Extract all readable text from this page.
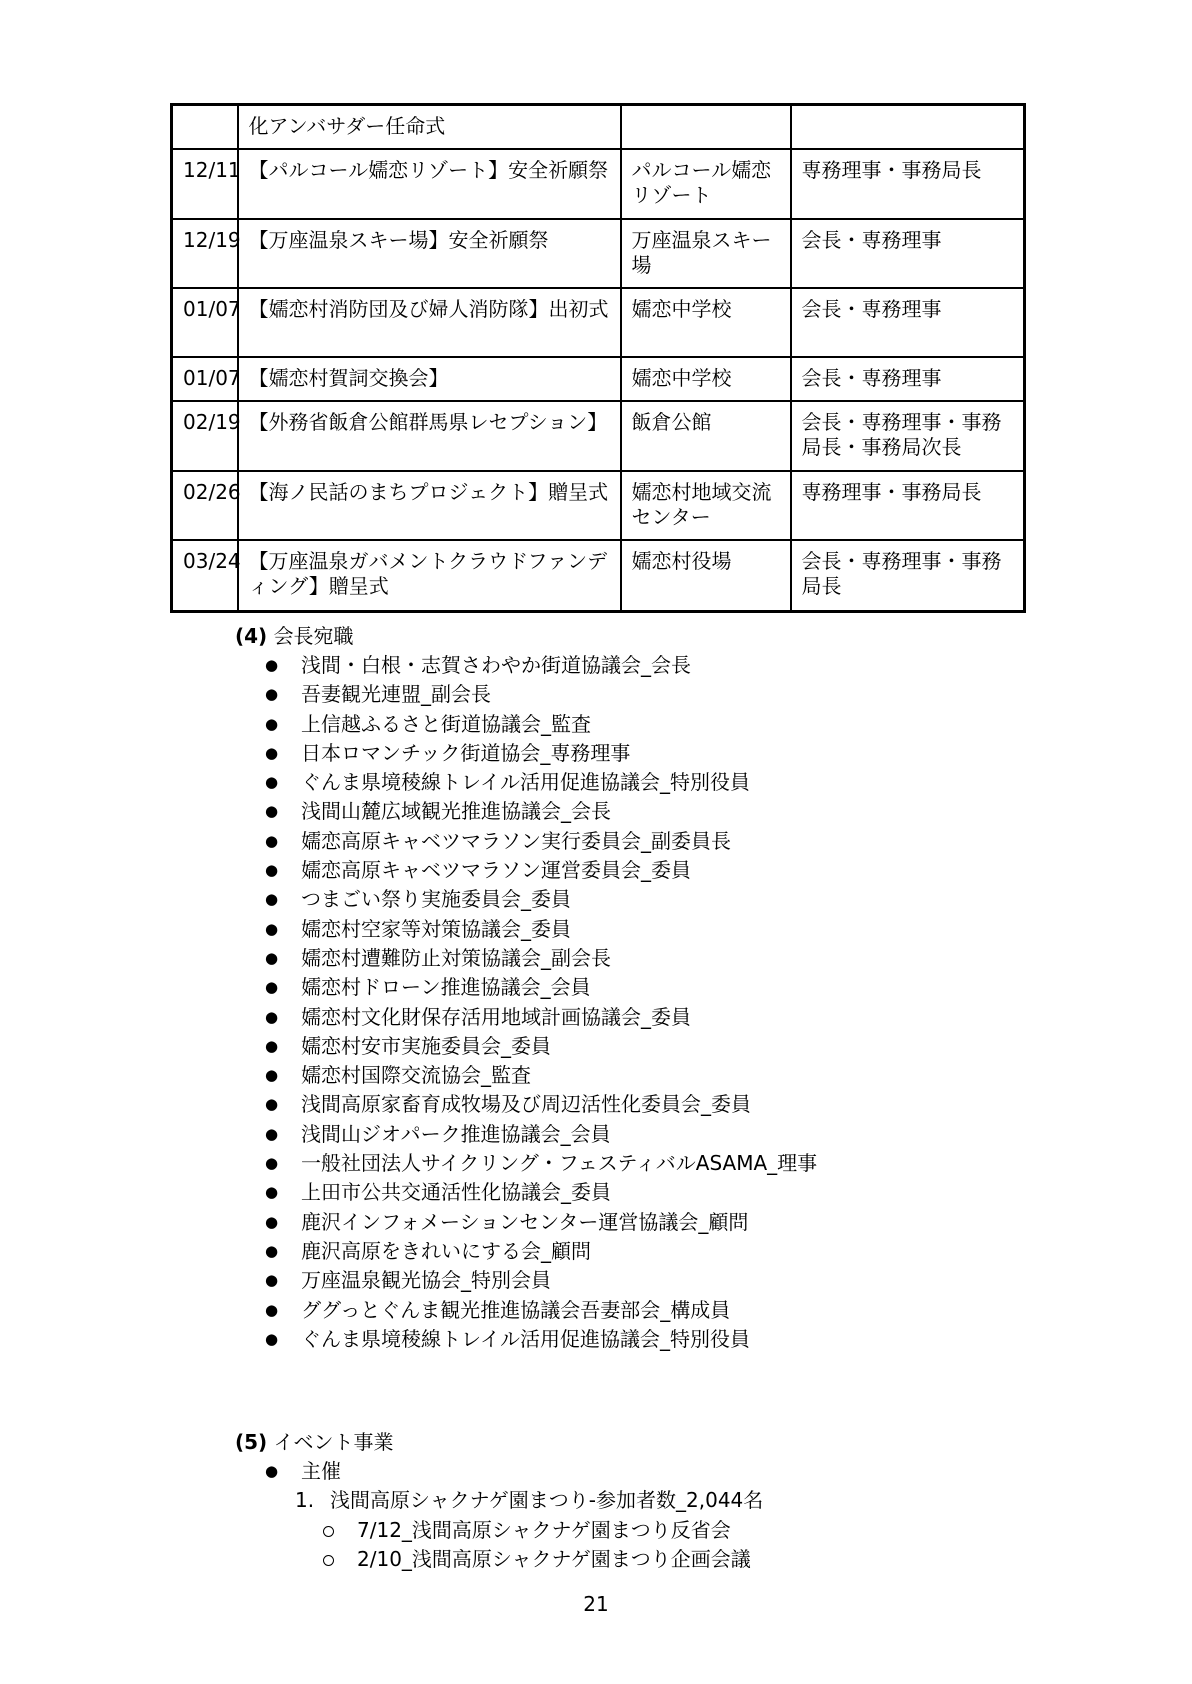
	化アンバサダー任命式		
12/11	【パルコール嬬恋リゾート】安全祈願祭	パルコール嬬恋リゾート	専務理事・事務局長
12/19	【万座温泉スキー場】安全祈願祭	万座温泉スキー場	会長・専務理事
01/07	【嬬恋村消防団及び婦人消防隊】出初式	嬬恋中学校	会長・専務理事
01/07	【嬬恋村賀詞交換会】	嬬恋中学校	会長・専務理事
02/19	【外務省飯倉公館群馬県レセプション】	飯倉公館	会長・専務理事・事務局長・事務局次長
02/26	【海ノ民話のまちプロジェクト】贈呈式	嬬恋村地域交流センター	専務理事・事務局長
03/24	【万座温泉ガバメントクラウドファンディング】贈呈式	嬬恋村役場	会長・専務理事・事務局長
(4) 会長宛職
● 浅間・白根・志賀さわやか街道協議会_会長
● 吾妻観光連盟_副会長
● 上信越ふるさと街道協議会_監査
● 日本ロマンチック街道協会_専務理事
● ぐんま県境稜線トレイル活用促進協議会_特別役員
● 浅間山麓広域観光推進協議会_会長
● 嬬恋高原キャベツマラソン実行委員会_副委員長
● 嬬恋高原キャベツマラソン運営委員会_委員
● つまごい祭り実施委員会_委員
● 嬬恋村空家等対策協議会_委員
● 嬬恋村遭難防止対策協議会_副会長
● 嬬恋村ドローン推進協議会_会員
● 嬬恋村文化財保存活用地域計画協議会_委員
● 嬬恋村安市実施委員会_委員
● 嬬恋村国際交流協会_監査
● 浅間高原家畜育成牧場及び周辺活性化委員会_委員
● 浅間山ジオパーク推進協議会_会員
● 一般社団法人サイクリング・フェスティバルASAMA_理事
● 上田市公共交通活性化協議会_委員
● 鹿沢インフォメーションセンター運営協議会_顧問
● 鹿沢高原をきれいにする会_顧問
● 万座温泉観光協会_特別会員
● ググっとぐんま観光推進協議会吾妻部会_構成員
● ぐんま県境稜線トレイル活用促進協議会_特別役員
(5) イベント事業
● 主催
1. 浅間高原シャクナゲ園まつり-参加者数_2,044名
7/12_浅間高原シャクナゲ園まつり反省会
2/10_浅間高原シャクナゲ園まつり企画会議
21
